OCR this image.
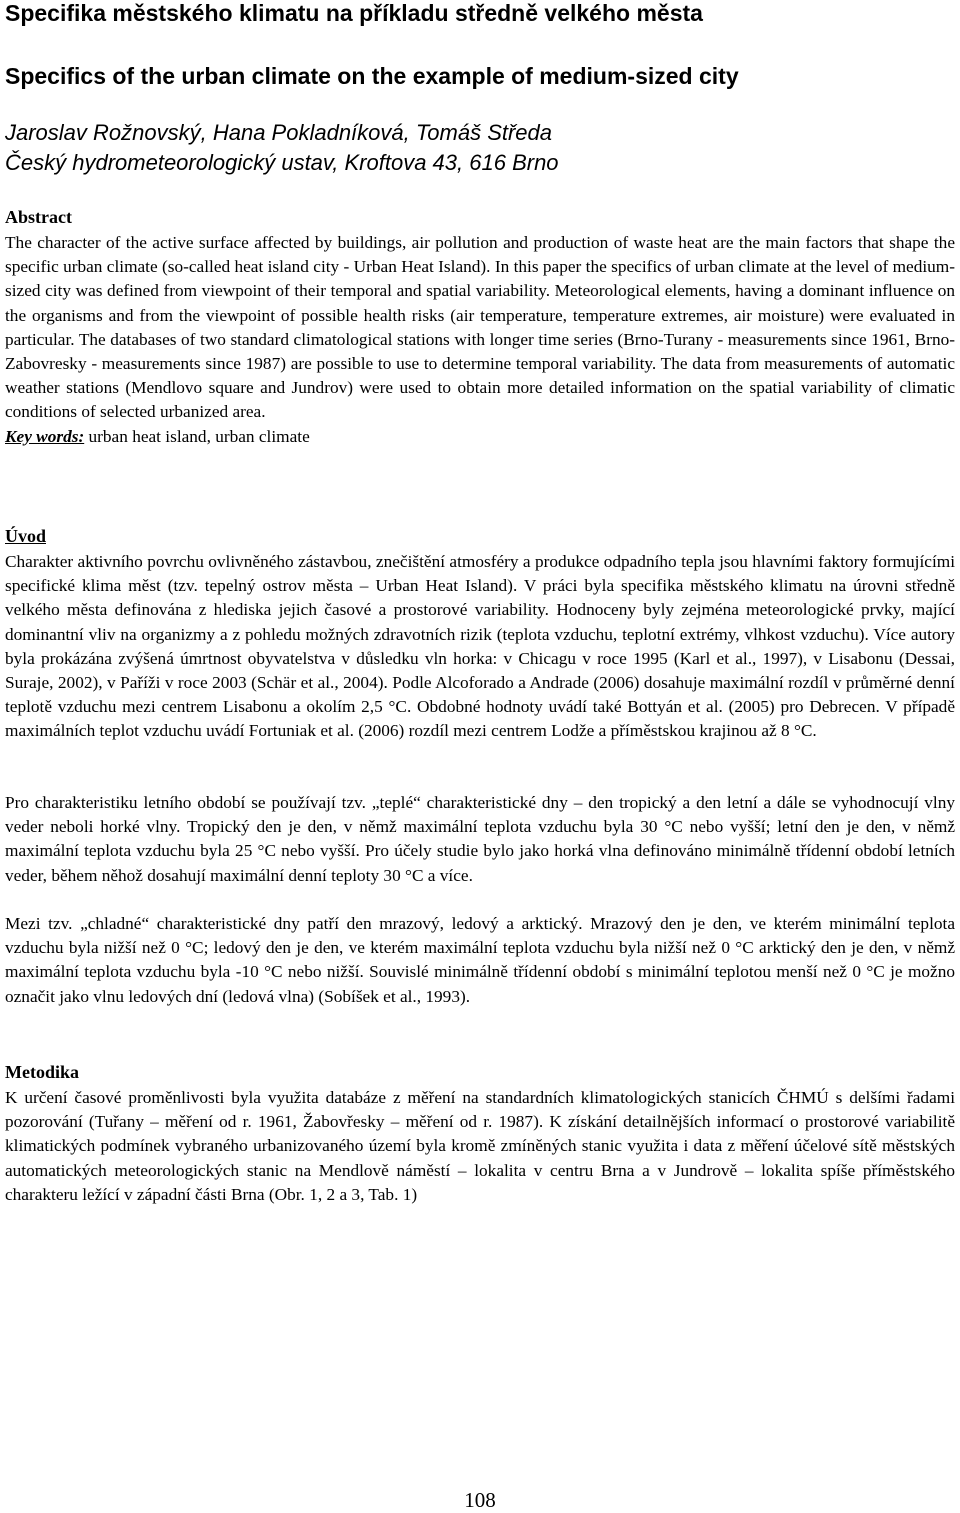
Specifika městského klimatu na příkladu středně velkého města
Specifics of the urban climate on the example of medium-sized city

Jaroslav Rožnovský, Hana Pokladníková, Tomáš Středa

Český hydrometeorologický ustav, Kroftova 43, 616 Brno

Abstract

The character of the active surface affected by buildings, air pollution and production of waste heat are the main factors that shape the specific urban climate (so-called heat island city - Urban Heat Island). In this paper the specifics of urban climate at the level of medium-sized city was defined from viewpoint of their temporal and spatial variability. Meteorological elements, having a dominant influence on the organisms and from the viewpoint of possible health risks (air temperature, temperature extremes, air moisture) were evaluated in particular. The databases of two standard climatological stations with longer time series (Brno-Turany - measurements since 1961, Brno-Zabovresky - measurements since 1987) are possible to use to determine temporal variability. The data from measurements of automatic weather stations (Mendlovo square and Jundrov) were used to obtain more detailed information on the spatial variability of climatic conditions of selected urbanized area.
Key words: urban heat island, urban climate

Úvod

Charakter aktivního povrchu ovlivněného zástavbou, znečištění atmosféry a produkce odpadního tepla jsou hlavními faktory formujícími specifické klima měst (tzv. tepelný ostrov města – Urban Heat Island). V práci byla specifika městského klimatu na úrovni středně velkého města definována z hlediska jejich časové a prostorové variability. Hodnoceny byly zejména meteorologické prvky, mající dominantní vliv na organizmy a z pohledu možných zdravotních rizik (teplota vzduchu, teplotní extrémy, vlhkost vzduchu). Více autory byla prokázána zvýšená úmrtnost obyvatelstva v důsledku vln horka: v Chicagu v roce 1995 (Karl et al., 1997), v Lisabonu (Dessai, Suraje, 2002), v Paříži v roce 2003 (Schär et al., 2004). Podle Alcoforado a Andrade (2006) dosahuje maximální rozdíl v průměrné denní teplotě vzduchu mezi centrem Lisabonu a okolím 2,5 °C. Obdobné hodnoty uvádí také Bottyán et al. (2005) pro Debrecen. V případě maximálních teplot vzduchu uvádí Fortuniak et al. (2006) rozdíl mezi centrem Lodže a příměstskou krajinou až 8 °C.

Pro charakteristiku letního období se používají tzv. „teplé“ charakteristické dny – den tropický a den letní a dále se vyhodnocují vlny veder neboli horké vlny. Tropický den je den, v němž maximální teplota vzduchu byla 30 °C nebo vyšší; letní den je den, v němž maximální teplota vzduchu byla 25 °C nebo vyšší. Pro účely studie bylo jako horká vlna definováno minimálně třídenní období letních veder, během něhož dosahují maximální denní teploty 30 °C a více.

Mezi tzv. „chladné“ charakteristické dny patří den mrazový, ledový a arktický. Mrazový den je den, ve kterém minimální teplota vzduchu byla nižší než 0 °C; ledový den je den, ve kterém maximální teplota vzduchu byla nižší než 0 °C arktický den je den, v němž maximální teplota vzduchu byla -10 °C nebo nižší. Souvislé minimálně třídenní období s minimální teplotou menší než 0 °C je možno označit jako vlnu ledových dní (ledová vlna) (Sobíšek et al., 1993).

Metodika

K určení časové proměnlivosti byla využita databáze z měření na standardních klimatologických stanicích ČHMÚ s delšími řadami pozorování (Tuřany – měření od r. 1961, Žabovřesky – měření od r. 1987). K získání detailnějších informací o prostorové variabilitě klimatických podmínek vybraného urbanizovaného území byla kromě zmíněných stanic využita i data z měření účelové sítě městských automatických meteorologických stanic na Mendlově náměstí – lokalita v centru Brna a v Jundrově – lokalita spíše příměstského charakteru ležící v západní části Brna (Obr. 1, 2 a 3, Tab. 1)

108
